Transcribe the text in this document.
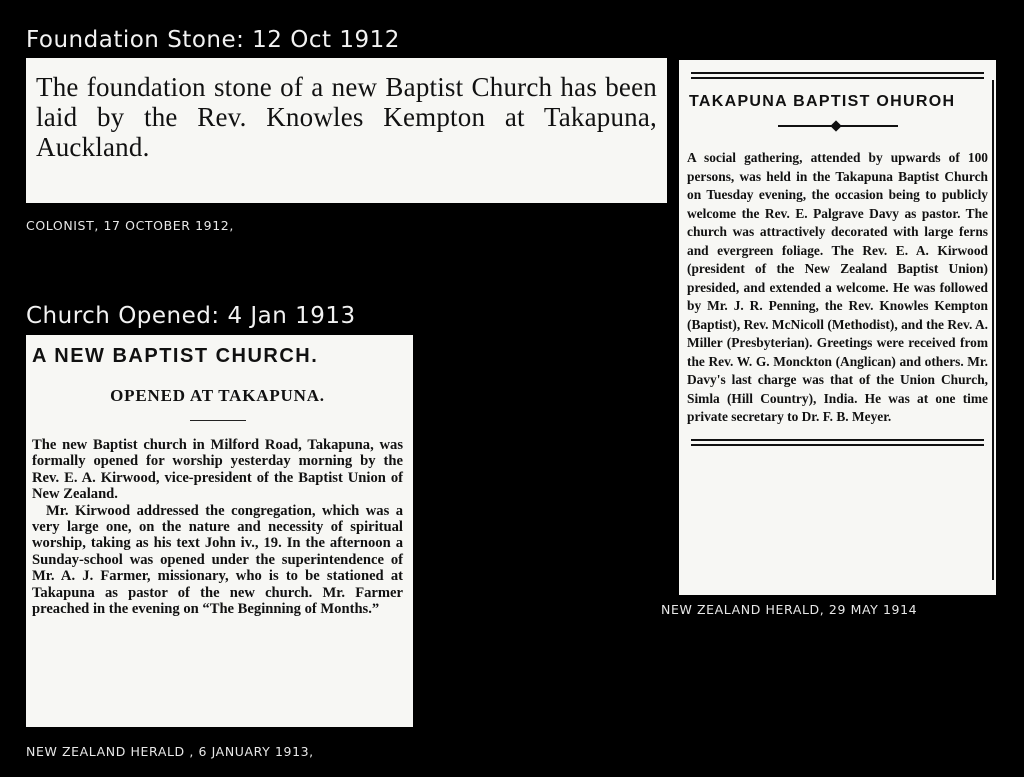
Foundation Stone: 12 Oct 1912

The foundation stone of a new Baptist Church has been laid by the Rev. Knowles Kempton at Takapuna, Auckland.

COLONIST, 17 OCTOBER 1912,
Church Opened: 4 Jan 1913
A NEW BAPTIST CHURCH.

OPENED AT TAKAPUNA.

The new Baptist church in Milford Road, Takapuna, was formally opened for worship yesterday morning by the Rev. E. A. Kirwood, vice-president of the Baptist Union of New Zealand.

Mr. Kirwood addressed the congregation, which was a very large one, on the nature and necessity of spiritual worship, taking as his text John iv., 19. In the afternoon a Sunday-school was opened under the superintendence of Mr. A. J. Farmer, missionary, who is to be stationed at Takapuna as pastor of the new church. Mr. Farmer preached in the evening on “The Beginning of Months.”

NEW ZEALAND HERALD , 6 JANUARY 1913,
TAKAPUNA BAPTIST OHUROH

A social gathering, attended by upwards of 100 persons, was held in the Takapuna Baptist Church on Tuesday evening, the occasion being to publicly welcome the Rev. E. Palgrave Davy as pastor. The church was attractively decorated with large ferns and evergreen foliage. The Rev. E. A. Kirwood (president of the New Zealand Baptist Union) presided, and extended a welcome. He was followed by Mr. J. R. Penning, the Rev. Knowles Kempton (Baptist), Rev. McNicoll (Methodist), and the Rev. A. Miller (Presbyterian). Greetings were received from the Rev. W. G. Monckton (Anglican) and others. Mr. Davy's last charge was that of the Union Church, Simla (Hill Country), India. He was at one time private secretary to Dr. F. B. Meyer.

NEW ZEALAND HERALD, 29 MAY 1914
